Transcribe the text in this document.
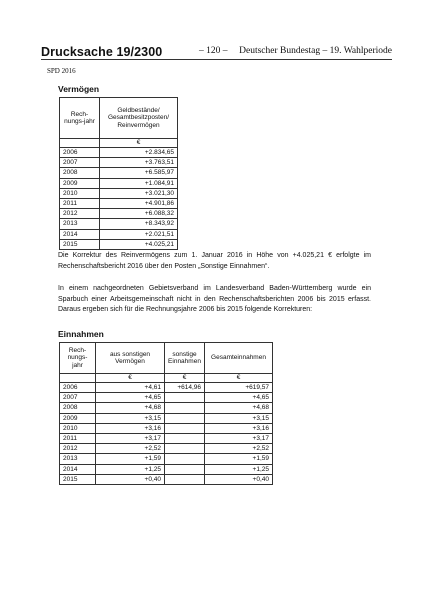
Drucksache 19/2300	– 120 – Deutscher Bundestag – 19. Wahlperiode
SPD 2016
Vermögen
Rech-nungs-jahr	Geldbestände/ Gesamtbesitzposten/ Reinvermögen
	€
2006	+2.834,65
2007	+3.763,51
2008	+6.585,97
2009	+1.084,91
2010	+3.021,30
2011	+4.901,86
2012	+6.088,32
2013	+8.343,92
2014	+2.021,51
2015	+4.025,21
Die Korrektur des Reinvermögens zum 1. Januar 2016 in Höhe von +4.025,21 € erfolgte im Rechenschaftsbericht 2016 über den Posten „Sonstige Einnahmen“.
In einem nachgeordneten Gebietsverband im Landesverband Baden-Württemberg wurde ein Sparbuch einer Arbeitsgemeinschaft nicht in den Rechenschaftsberichten 2006 bis 2015 erfasst. Daraus ergeben sich für die Rechnungsjahre 2006 bis 2015 folgende Korrekturen:
Einnahmen
Rech-nungs-jahr	aus sonstigen Vermögen	sonstige Einnahmen	Gesamteinnahmen
	€	€	€
2006	+4,61	+614,96	+619,57
2007	+4,65		+4,65
2008	+4,68		+4,68
2009	+3,15		+3,15
2010	+3,16		+3,16
2011	+3,17		+3,17
2012	+2,52		+2,52
2013	+1,59		+1,59
2014	+1,25		+1,25
2015	+0,40		+0,40
